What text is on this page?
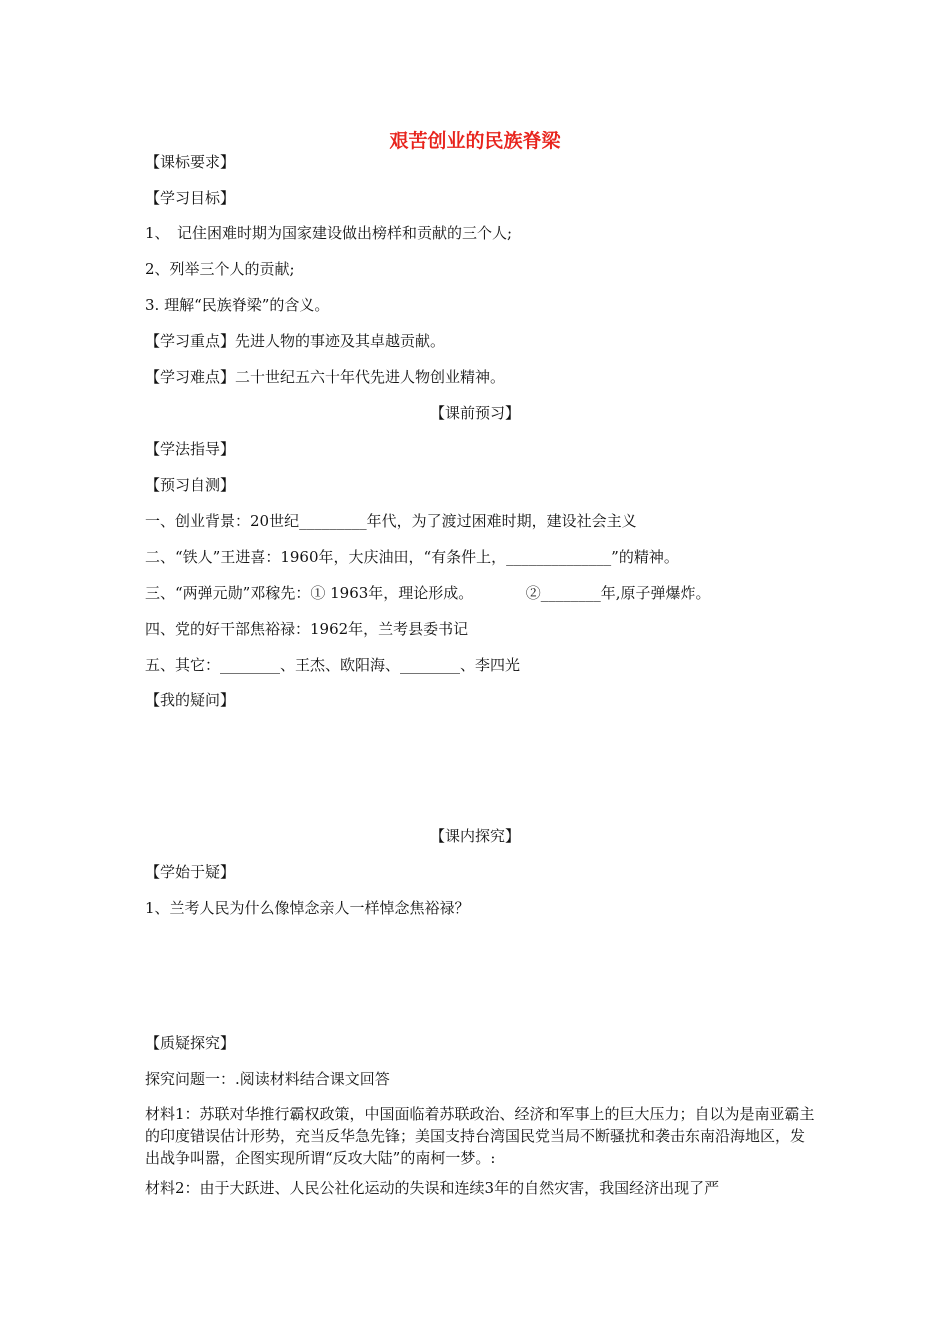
艰苦创业的民族脊梁
【课标要求】
【学习目标】
1、　记住困难时期为国家建设做出榜样和贡献的三个人;
2、列举三个人的贡献;
3. 理解“民族脊梁”的含义。
【学习重点】先进人物的事迹及其卓越贡献。
【学习难点】二十世纪五六十年代先进人物创业精神。
【课前预习】
【学法指导】
【预习自测】
一、创业背景：20世纪_________年代，为了渡过困难时期，建设社会主义
二、“铁人”王进喜：1960年，大庆油田，“有条件上，______________”的精神。
三、“两弹元勋”邓稼先：① 1963年，理论形成。　　　　②________年,原子弹爆炸。
四、党的好干部焦裕禄：1962年，兰考县委书记
五、其它：________、王杰、欧阳海、________、李四光
【我的疑问】
【课内探究】
【学始于疑】
1、兰考人民为什么像悼念亲人一样悼念焦裕禄？
【质疑探究】
探究问题一：.阅读材料结合课文回答
材料1：苏联对华推行霸权政策，中国面临着苏联政治、经济和军事上的巨大压力；自以为是南亚霸主的印度错误估计形势，充当反华急先锋；美国支持台湾国民党当局不断骚扰和袭击东南沿海地区，发出战争叫嚣，企图实现所谓“反攻大陆”的南柯一梦。:
材料2：由于大跃进、人民公社化运动的失误和连续3年的自然灾害，我国经济出现了严
